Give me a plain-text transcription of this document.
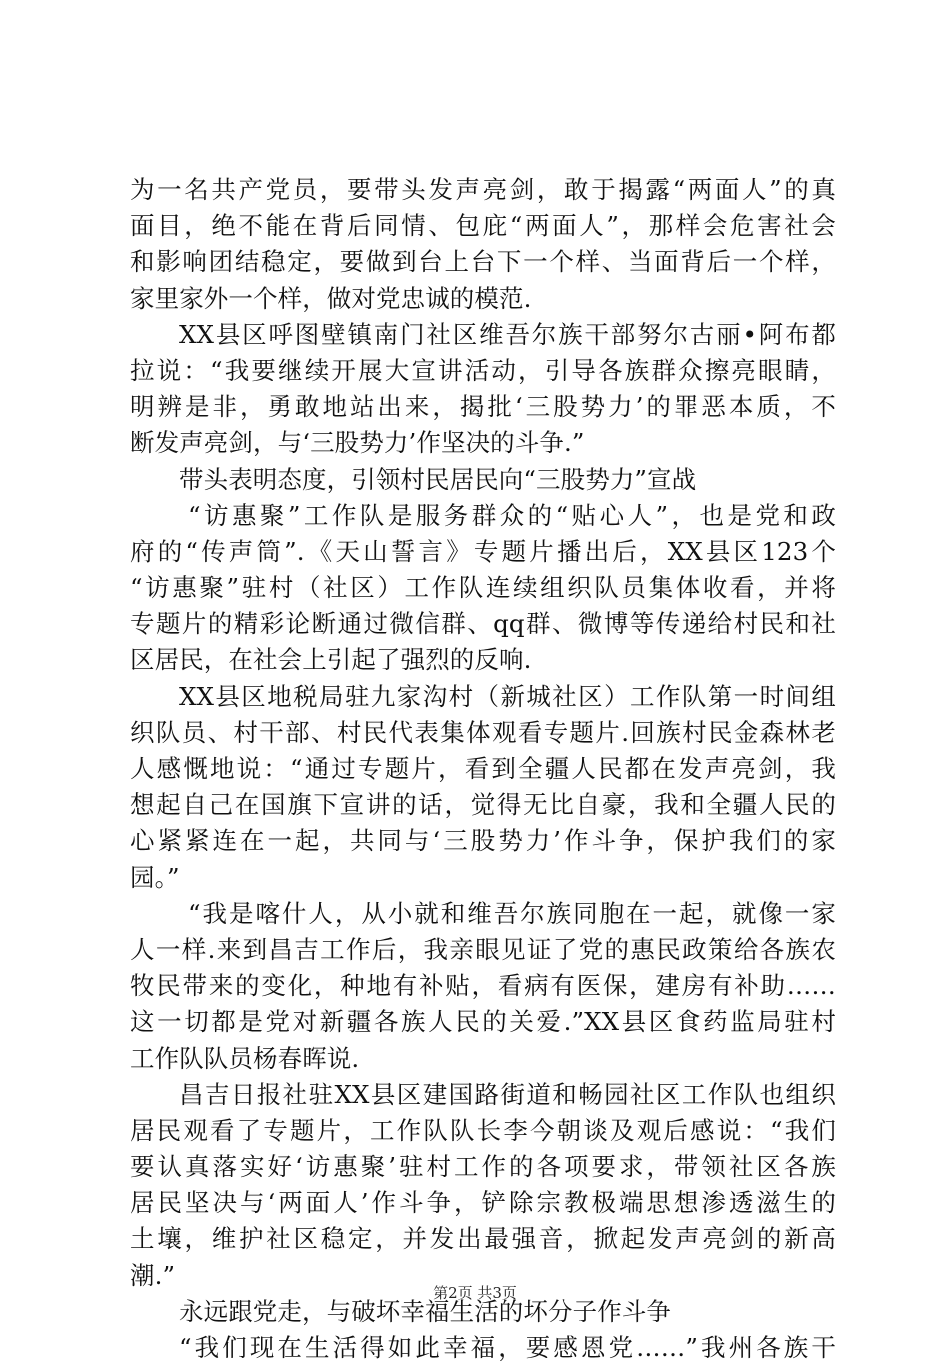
为一名共产党员，要带头发声亮剑，敢于揭露“两面人”的真
面目，绝不能在背后同情、包庇“两面人”，那样会危害社会
和影响团结稳定，要做到台上台下一个样、当面背后一个样，
家里家外一个样，做对党忠诚的模范.
XX县区呼图壁镇南门社区维吾尔族干部努尔古丽•阿布都
拉说：“我要继续开展大宣讲活动，引导各族群众擦亮眼睛，
明辨是非，勇敢地站出来，揭批‘三股势力’的罪恶本质，不
断发声亮剑，与‘三股势力’作坚决的斗争.”
带头表明态度，引领村民居民向“三股势力”宣战
“访惠聚”工作队是服务群众的“贴心人”，也是党和政
府的“传声筒”.《天山誓言》专题片播出后，XX县区123个
“访惠聚”驻村（社区）工作队连续组织队员集体收看，并将
专题片的精彩论断通过微信群、qq群、微博等传递给村民和社
区居民，在社会上引起了强烈的反响.
XX县区地税局驻九家沟村（新城社区）工作队第一时间组
织队员、村干部、村民代表集体观看专题片.回族村民金森林老
人感慨地说：“通过专题片，看到全疆人民都在发声亮剑，我
想起自己在国旗下宣讲的话，觉得无比自豪，我和全疆人民的
心紧紧连在一起，共同与‘三股势力’作斗争，保护我们的家
园。”
“我是喀什人，从小就和维吾尔族同胞在一起，就像一家
人一样.来到昌吉工作后，我亲眼见证了党的惠民政策给各族农
牧民带来的变化，种地有补贴，看病有医保，建房有补助……
这一切都是党对新疆各族人民的关爱.”XX县区食药监局驻村
工作队队员杨春晖说.
昌吉日报社驻XX县区建国路街道和畅园社区工作队也组织
居民观看了专题片，工作队队长李今朝谈及观后感说：“我们
要认真落实好‘访惠聚’驻村工作的各项要求，带领社区各族
居民坚决与‘两面人’作斗争，铲除宗教极端思想渗透滋生的
土壤，维护社区稳定，并发出最强音，掀起发声亮剑的新高
潮.”
永远跟党走，与破坏幸福生活的坏分子作斗争
“我们现在生活得如此幸福，要感恩党……”我州各族干
第2页 共3页
